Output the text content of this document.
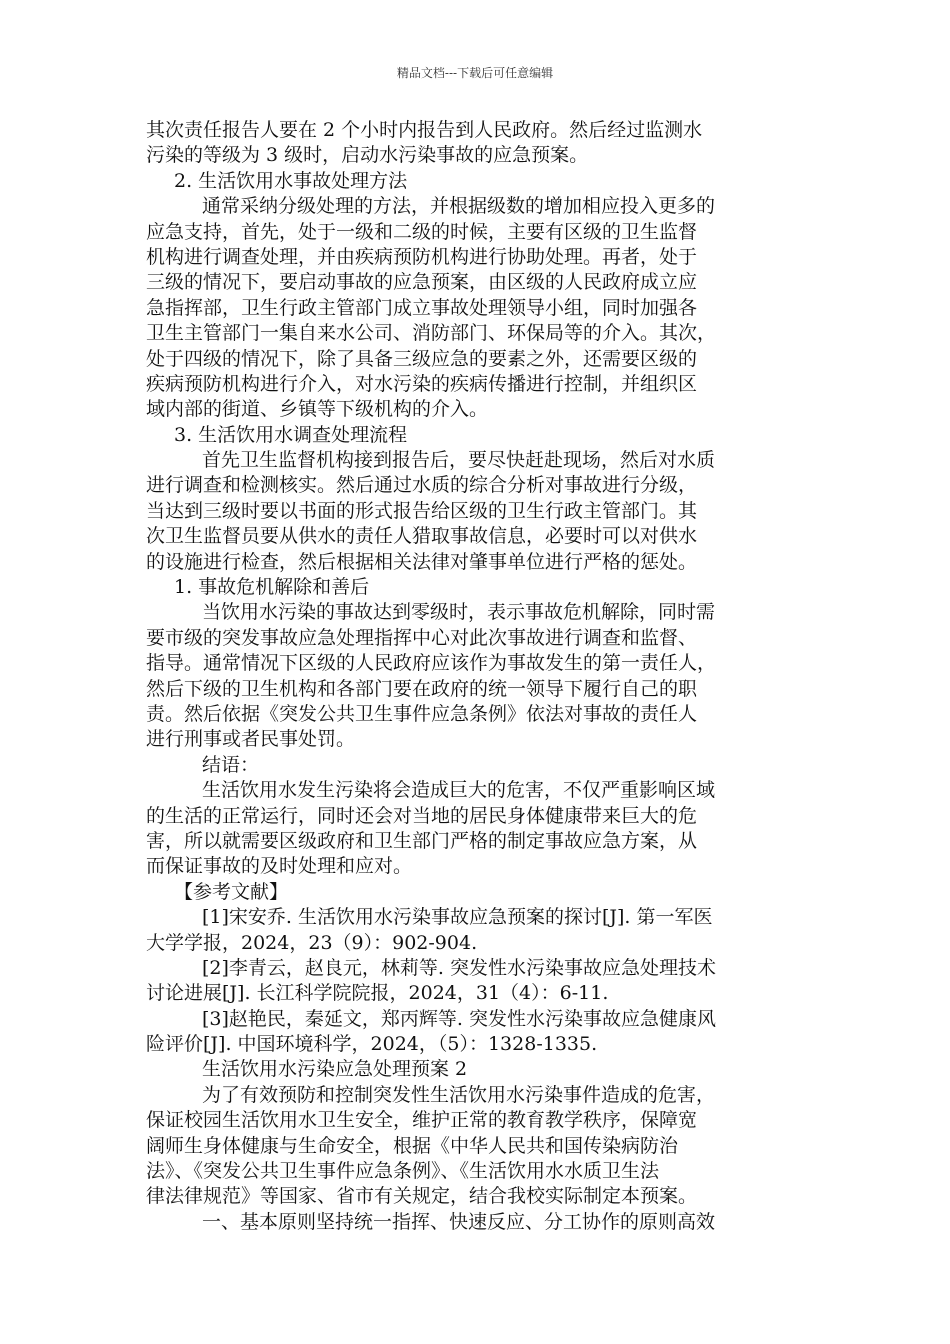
精品文档---下载后可任意编辑
其次责任报告人要在 2 个小时内报告到人民政府。然后经过监测水
污染的等级为 3 级时，启动水污染事故的应急预案。
2. 生活饮用水事故处理方法
通常采纳分级处理的方法，并根据级数的增加相应投入更多的
应急支持，首先，处于一级和二级的时候，主要有区级的卫生监督
机构进行调查处理，并由疾病预防机构进行协助处理。再者，处于
三级的情况下，要启动事故的应急预案，由区级的人民政府成立应
急指挥部，卫生行政主管部门成立事故处理领导小组，同时加强各
卫生主管部门一集自来水公司、消防部门、环保局等的介入。其次，
处于四级的情况下，除了具备三级应急的要素之外，还需要区级的
疾病预防机构进行介入，对水污染的疾病传播进行控制，并组织区
域内部的街道、乡镇等下级机构的介入。
3. 生活饮用水调查处理流程
首先卫生监督机构接到报告后，要尽快赶赴现场，然后对水质
进行调查和检测核实。然后通过水质的综合分析对事故进行分级，
当达到三级时要以书面的形式报告给区级的卫生行政主管部门。其
次卫生监督员要从供水的责任人猎取事故信息，必要时可以对供水
的设施进行检查，然后根据相关法律对肇事单位进行严格的惩处。
1. 事故危机解除和善后
当饮用水污染的事故达到零级时，表示事故危机解除，同时需
要市级的突发事故应急处理指挥中心对此次事故进行调查和监督、
指导。通常情况下区级的人民政府应该作为事故发生的第一责任人，
然后下级的卫生机构和各部门要在政府的统一领导下履行自己的职
责。然后依据《突发公共卫生事件应急条例》依法对事故的责任人
进行刑事或者民事处罚。
结语：
生活饮用水发生污染将会造成巨大的危害，不仅严重影响区域
的生活的正常运行，同时还会对当地的居民身体健康带来巨大的危
害，所以就需要区级政府和卫生部门严格的制定事故应急方案，从
而保证事故的及时处理和应对。
【参考文献】
[1]宋安乔. 生活饮用水污染事故应急预案的探讨[J]. 第一军医
大学学报，2024，23（9）：902-904.
[2]李青云，赵良元，林莉等. 突发性水污染事故应急处理技术
讨论进展[J]. 长江科学院院报，2024，31（4）：6-11.
[3]赵艳民，秦延文，郑丙辉等. 突发性水污染事故应急健康风
险评价[J]. 中国环境科学，2024，（5）：1328-1335.
生活饮用水污染应急处理预案 2
为了有效预防和控制突发性生活饮用水污染事件造成的危害，
保证校园生活饮用水卫生安全，维护正常的教育教学秩序，保障宽
阔师生身体健康与生命安全，根据《中华人民共和国传染病防治
法》、《突发公共卫生事件应急条例》、《生活饮用水水质卫生法
律法律规范》等国家、省市有关规定，结合我校实际制定本预案。
一、基本原则坚持统一指挥、快速反应、分工协作的原则高效
